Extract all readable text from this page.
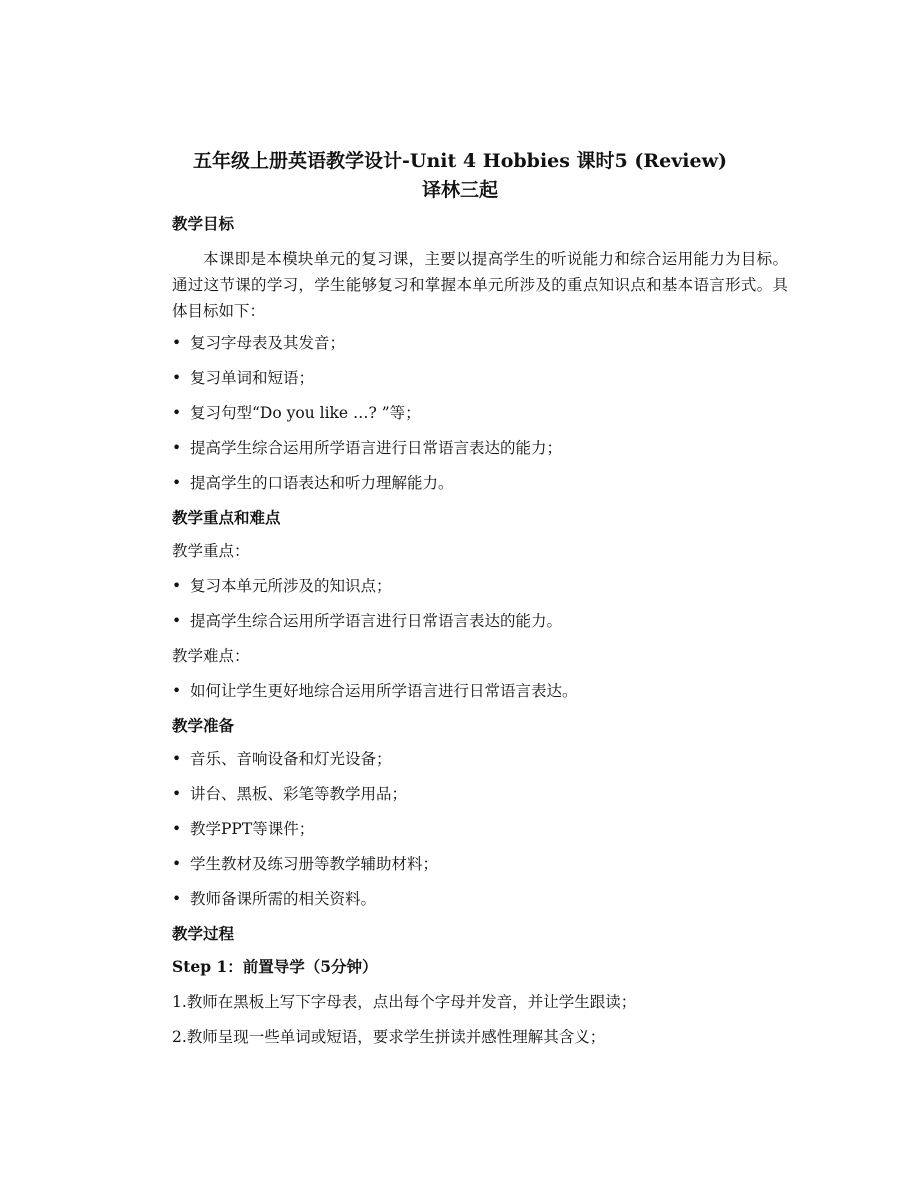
五年级上册英语教学设计-Unit 4 Hobbies 课时5 (Review)
译林三起
教学目标

本课即是本模块单元的复习课，主要以提高学生的听说能力和综合运用能力为目标。通过这节课的学习，学生能够复习和掌握本单元所涉及的重点知识点和基本语言形式。具体目标如下：

• 复习字母表及其发音；
• 复习单词和短语；
• 复习句型“Do you like …? ”等；
• 提高学生综合运用所学语言进行日常语言表达的能力；
• 提高学生的口语表达和听力理解能力。
教学重点和难点
教学重点：
• 复习本单元所涉及的知识点；
• 提高学生综合运用所学语言进行日常语言表达的能力。
教学难点：
• 如何让学生更好地综合运用所学语言进行日常语言表达。
教学准备
• 音乐、音响设备和灯光设备；
• 讲台、黑板、彩笔等教学用品；
• 教学PPT等课件；
• 学生教材及练习册等教学辅助材料；
• 教师备课所需的相关资料。
教学过程
Step 1：前置导学（5分钟）
1.教师在黑板上写下字母表，点出每个字母并发音，并让学生跟读；
2.教师呈现一些单词或短语，要求学生拼读并感性理解其含义；
